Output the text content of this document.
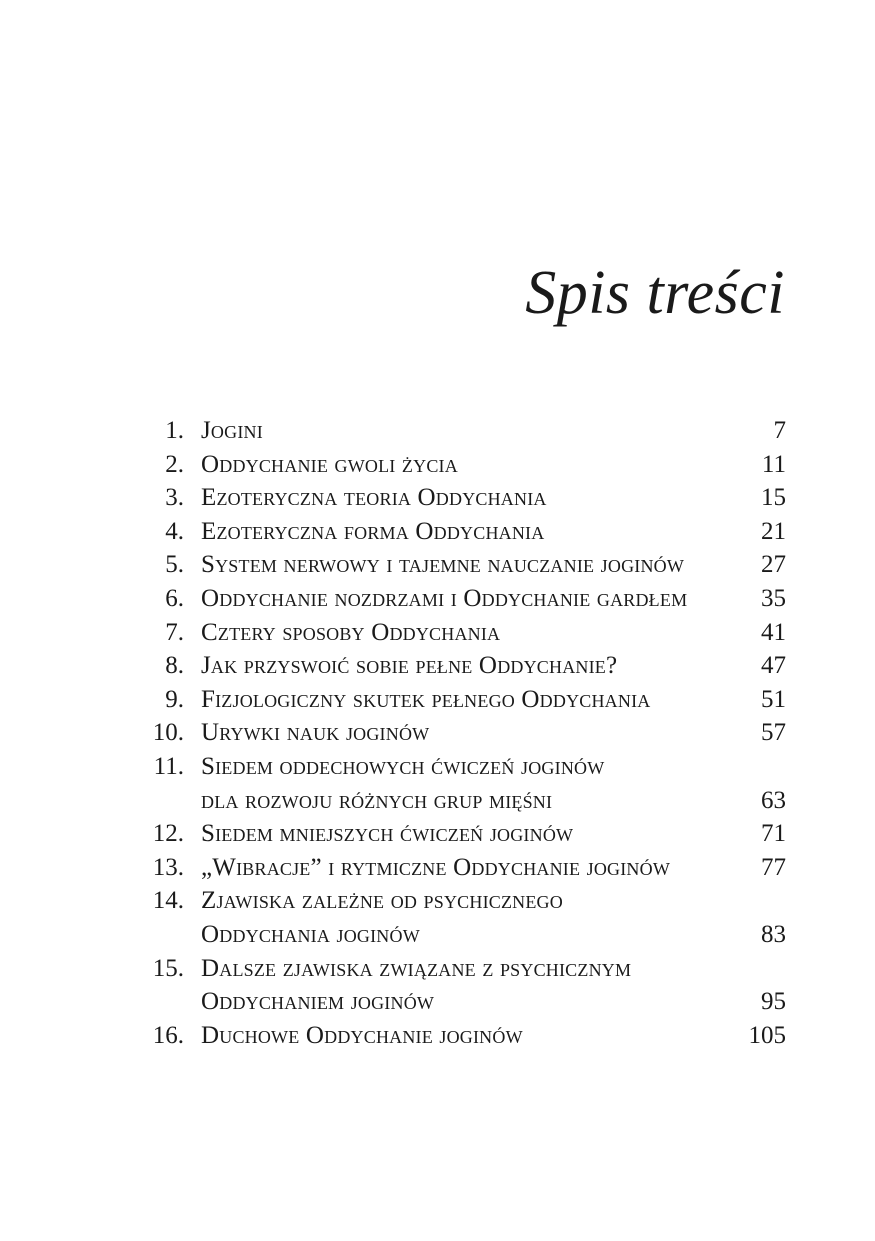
Spis treści
1. Jogini	7
2. Oddychanie gwoli życia	11
3. Ezoteryczna teoria Oddychania	15
4. Ezoteryczna forma Oddychania	21
5. System nerwowy i tajemne nauczanie joginów	27
6. Oddychanie nozdrzami i Oddychanie gardłem	35
7. Cztery sposoby Oddychania	41
8. Jak przyswoić sobie pełne Oddychanie?	47
9. Fizjologiczny skutek pełnego Oddychania	51
10. Urywki nauk joginów	57
11. Siedem oddechowych ćwiczeń joginów
dla rozwoju różnych grup mięśni	63
12. Siedem mniejszych ćwiczeń joginów	71
13. „Wibracje” i rytmiczne Oddychanie joginów	77
14. Zjawiska zależne od psychicznego
Oddychania joginów	83
15. Dalsze zjawiska związane z psychicznym
Oddychaniem joginów	95
16. Duchowe Oddychanie joginów	105
